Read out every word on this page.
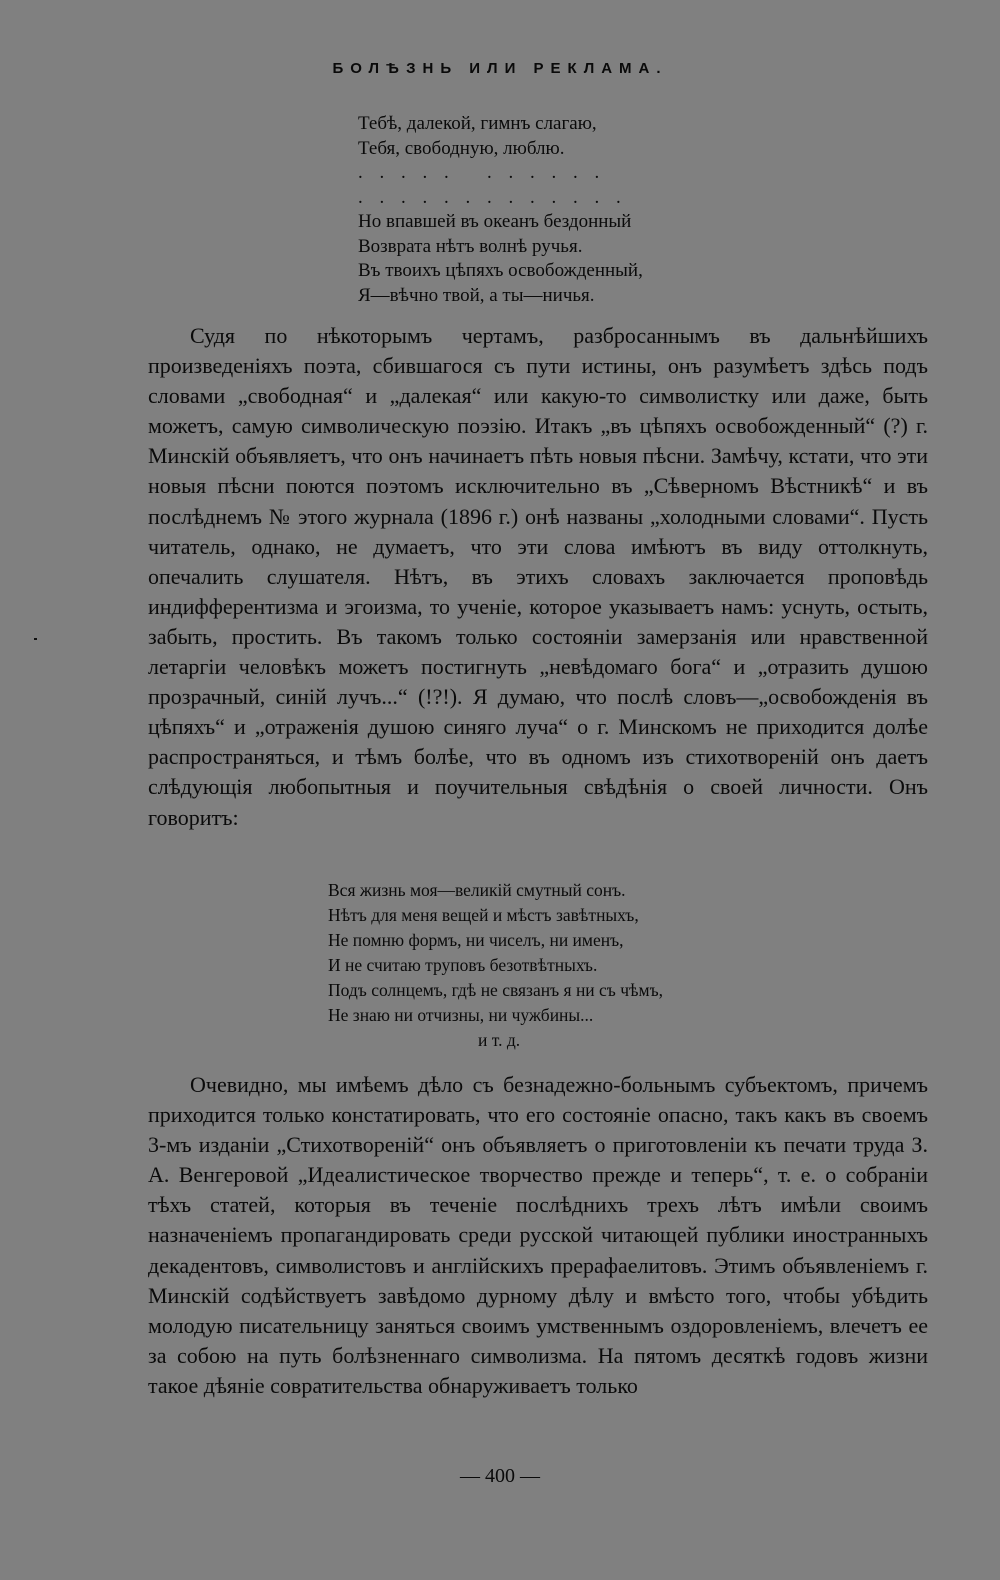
БОЛѢЗНЬ ИЛИ РЕКЛАМА.
Тебѣ, далекой, гимнъ слагаю,
Тебя, свободную, люблю.
. . . . .   . . . . . .
. . . . . . . . . . . . .
Но впавшей въ океанъ бездонный
Возврата нѣтъ волнѣ ручья.
Въ твоихъ цѣпяхъ освобожденный,
Я—вѣчно твой, а ты—ничья.

Судя по нѣкоторымъ чертамъ, разбросаннымъ въ дальнѣйшихъ произведеніяхъ поэта, сбившагося съ пути истины, онъ разумѣетъ здѣсь подъ словами „свободная“ и „далекая“ или какую-то символистку или даже, быть можетъ, самую символическую поэзію. Итакъ „въ цѣпяхъ освобожденный“ (?) г. Минскій объявляетъ, что онъ начинаетъ пѣть новыя пѣсни. Замѣчу, кстати, что эти новыя пѣсни поются поэтомъ исключительно въ „Сѣверномъ Вѣстникѣ“ и въ послѣднемъ № этого журнала (1896 г.) онѣ названы „холодными словами“. Пусть читатель, однако, не думаетъ, что эти слова имѣютъ въ виду оттолкнуть, опечалить слушателя. Нѣтъ, въ этихъ словахъ заключается проповѣдь индифферентизма и эгоизма, то ученіе, которое указываетъ намъ: уснуть, остыть, забыть, простить. Въ такомъ только состояніи замерзанія или нравственной летаргіи человѣкъ можетъ постигнуть „невѣдомаго бога“ и „отразить душою прозрачный, синій лучъ...“ (!?!). Я думаю, что послѣ словъ—„освобожденія въ цѣпяхъ“ и „отраженія душою синяго луча“ о г. Минскомъ не приходится долѣе распространяться, и тѣмъ болѣе, что въ одномъ изъ стихотвореній онъ даетъ слѣдующія любопытныя и поучительныя свѣдѣнія о своей личности. Онъ говоритъ:

Вся жизнь моя—великій смутный сонъ.
Нѣтъ для меня вещей и мѣстъ завѣтныхъ,
Не помню формъ, ни чиселъ, ни именъ,
И не считаю труповъ безотвѣтныхъ.
Подъ солнцемъ, гдѣ не связанъ я ни съ чѣмъ,
Не знаю ни отчизны, ни чужбины...
и т. д.

Очевидно, мы имѣемъ дѣло съ безнадежно-больнымъ субъектомъ, причемъ приходится только констатировать, что его состояніе опасно, такъ какъ въ своемъ 3-мъ изданіи „Стихотвореній“ онъ объявляетъ о приготовленіи къ печати труда З. А. Венгеровой „Идеалистическое творчество прежде и теперь“, т. е. о собраніи тѣхъ статей, которыя въ теченіе послѣднихъ трехъ лѣтъ имѣли своимъ назначеніемъ пропагандировать среди русской читающей публики иностранныхъ декадентовъ, символистовъ и англійскихъ прерафаелитовъ. Этимъ объявленіемъ г. Минскій содѣйствуетъ завѣдомо дурному дѣлу и вмѣсто того, чтобы убѣдить молодую писательницу заняться своимъ умственнымъ оздоровленіемъ, влечетъ ее за собою на путь болѣзненнаго символизма. На пятомъ десяткѣ годовъ жизни такое дѣяніе совратительства обнаруживаетъ только

— 400 —
